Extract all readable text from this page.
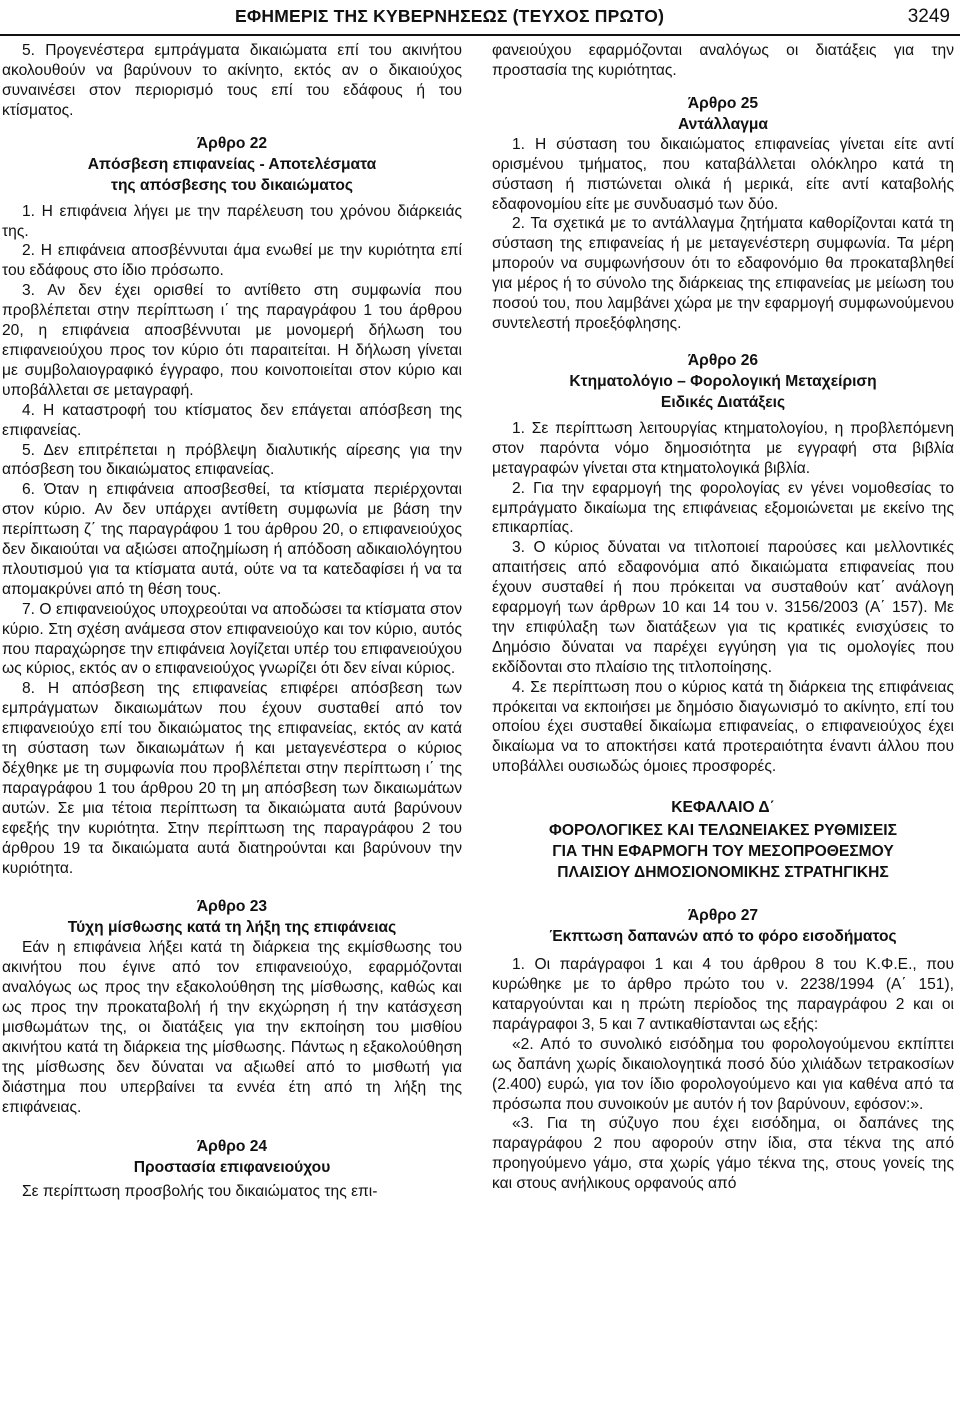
ΕΦΗΜΕΡΙΣ ΤΗΣ ΚΥΒΕΡΝΗΣΕΩΣ (ΤΕΥΧΟΣ ΠΡΩΤΟ)	3249

5. Προγενέστερα εμπράγματα δικαιώματα επί του ακινήτου ακολουθούν να βαρύνουν το ακίνητο, εκτός αν ο δικαιούχος συναινέσει στον περιορισμό τους επί του εδάφους ή του κτίσματος.

Άρθρο 22
Απόσβεση επιφανείας - Αποτελέσματα
της απόσβεσης του δικαιώματος

1. Η επιφάνεια λήγει με την παρέλευση του χρόνου διάρκειάς της.

2. Η επιφάνεια αποσβέννυται άμα ενωθεί με την κυριότητα επί του εδάφους στο ίδιο πρόσωπο.

3. Αν δεν έχει ορισθεί το αντίθετο στη συμφωνία που προβλέπεται στην περίπτωση ι΄ της παραγράφου 1 του άρθρου 20, η επιφάνεια αποσβέννυται με μονομερή δήλωση του επιφανειούχου προς τον κύριο ότι παραιτείται. Η δήλωση γίνεται με συμβολαιογραφικό έγγραφο, που κοινοποιείται στον κύριο και υποβάλλεται σε μεταγραφή.

4. Η καταστροφή του κτίσματος δεν επάγεται απόσβεση της επιφανείας.

5. Δεν επιτρέπεται η πρόβλεψη διαλυτικής αίρεσης για την απόσβεση του δικαιώματος επιφανείας.

6. Όταν η επιφάνεια αποσβεσθεί, τα κτίσματα περιέρχονται στον κύριο. Αν δεν υπάρχει αντίθετη συμφωνία με βάση την περίπτωση ζ΄ της παραγράφου 1 του άρθρου 20, ο επιφανειούχος δεν δικαιούται να αξιώσει αποζημίωση ή απόδοση αδικαιολόγητου πλουτισμού για τα κτίσματα αυτά, ούτε να τα κατεδαφίσει ή να τα απομακρύνει από τη θέση τους.

7. Ο επιφανειούχος υποχρεούται να αποδώσει τα κτίσματα στον κύριο. Στη σχέση ανάμεσα στον επιφανειούχο και τον κύριο, αυτός που παραχώρησε την επιφάνεια λογίζεται υπέρ του επιφανειούχου ως κύριος, εκτός αν ο επιφανειούχος γνωρίζει ότι δεν είναι κύριος.

8. Η απόσβεση της επιφανείας επιφέρει απόσβεση των εμπράγματων δικαιωμάτων που έχουν συσταθεί από τον επιφανειούχο επί του δικαιώματος της επιφανείας, εκτός αν κατά τη σύσταση των δικαιωμάτων ή και μεταγενέστερα ο κύριος δέχθηκε με τη συμφωνία που προβλέπεται στην περίπτωση ι΄ της παραγράφου 1 του άρθρου 20 τη μη απόσβεση των δικαιωμάτων αυτών. Σε μια τέτοια περίπτωση τα δικαιώματα αυτά βαρύνουν εφεξής την κυριότητα. Στην περίπτωση της παραγράφου 2 του άρθρου 19 τα δικαιώματα αυτά διατηρούνται και βαρύνουν την κυριότητα.

Άρθρο 23
Τύχη μίσθωσης κατά τη λήξη της επιφάνειας

Εάν η επιφάνεια λήξει κατά τη διάρκεια της εκμίσθωσης του ακινήτου που έγινε από τον επιφανειούχο, εφαρμόζονται αναλόγως ως προς την εξακολούθηση της μίσθωσης, καθώς και ως προς την προκαταβολή ή την εκχώρηση ή την κατάσχεση μισθωμάτων της, οι διατάξεις για την εκποίηση του μισθίου ακινήτου κατά τη διάρκεια της μίσθωσης. Πάντως η εξακολούθηση της μίσθωσης δεν δύναται να αξιωθεί από το μισθωτή για διάστημα που υπερβαίνει τα εννέα έτη από τη λήξη της επιφάνειας.

Άρθρο 24
Προστασία επιφανειούχου

Σε περίπτωση προσβολής του δικαιώματος της επι-

φανειούχου εφαρμόζονται αναλόγως οι διατάξεις για την προστασία της κυριότητας.

Άρθρο 25
Αντάλλαγμα

1. Η σύσταση του δικαιώματος επιφανείας γίνεται είτε αντί ορισμένου τμήματος, που καταβάλλεται ολόκληρο κατά τη σύσταση ή πιστώνεται ολικά ή μερικά, είτε αντί καταβολής εδαφονομίου είτε με συνδυασμό των δύο.

2. Τα σχετικά με το αντάλλαγμα ζητήματα καθορίζονται κατά τη σύσταση της επιφανείας ή με μεταγενέστερη συμφωνία. Τα μέρη μπορούν να συμφωνήσουν ότι το εδαφονόμιο θα προκαταβληθεί για μέρος ή το σύνολο της διάρκειας της επιφανείας με μείωση του ποσού του, που λαμβάνει χώρα με την εφαρμογή συμφωνούμενου συντελεστή προεξόφλησης.

Άρθρο 26
Κτηματολόγιο – Φορολογική Μεταχείριση
Ειδικές Διατάξεις

1. Σε περίπτωση λειτουργίας κτηματολογίου, η προβλεπόμενη στον παρόντα νόμο δημοσιότητα με εγγραφή στα βιβλία μεταγραφών γίνεται στα κτηματολογικά βιβλία.

2. Για την εφαρμογή της φορολογίας εν γένει νομοθεσίας το εμπράγματο δικαίωμα της επιφάνειας εξομοιώνεται με εκείνο της επικαρπίας.

3. Ο κύριος δύναται να τιτλοποιεί παρούσες και μελλοντικές απαιτήσεις από εδαφονόμια από δικαιώματα επιφανείας που έχουν συσταθεί ή που πρόκειται να συσταθούν κατ΄ ανάλογη εφαρμογή των άρθρων 10 και 14 του ν. 3156/2003 (Α΄ 157). Με την επιφύλαξη των διατάξεων για τις κρατικές ενισχύσεις το Δημόσιο δύναται να παρέχει εγγύηση για τις ομολογίες που εκδίδονται στο πλαίσιο της τιτλοποίησης.

4. Σε περίπτωση που ο κύριος κατά τη διάρκεια της επιφάνειας πρόκειται να εκποιήσει με δημόσιο διαγωνισμό το ακίνητο, επί του οποίου έχει συσταθεί δικαίωμα επιφανείας, ο επιφανειούχος έχει δικαίωμα να το αποκτήσει κατά προτεραιότητα έναντι άλλου που υποβάλλει ουσιωδώς όμοιες προσφορές.

ΚΕΦΑΛΑΙΟ Δ΄
ΦΟΡΟΛΟΓΙΚΕΣ ΚΑΙ ΤΕΛΩΝΕΙΑΚΕΣ ΡΥΘΜΙΣΕΙΣ
ΓΙΑ ΤΗΝ ΕΦΑΡΜΟΓΗ ΤΟΥ ΜΕΣΟΠΡΟΘΕΣΜΟΥ
ΠΛΑΙΣΙΟΥ ΔΗΜΟΣΙΟΝΟΜΙΚΗΣ ΣΤΡΑΤΗΓΙΚΗΣ
Άρθρο 27
Έκπτωση δαπανών από το φόρο εισοδήματος

1. Οι παράγραφοι 1 και 4 του άρθρου 8 του Κ.Φ.Ε., που κυρώθηκε με το άρθρο πρώτο του ν. 2238/1994 (Α΄ 151), καταργούνται και η πρώτη περίοδος της παραγράφου 2 και οι παράγραφοι 3, 5 και 7 αντικαθίστανται ως εξής:

«2. Από το συνολικό εισόδημα του φορολογούμενου εκπίπτει ως δαπάνη χωρίς δικαιολογητικά ποσό δύο χιλιάδων τετρακοσίων (2.400) ευρώ, για τον ίδιο φορολογούμενο και για καθένα από τα πρόσωπα που συνοικούν με αυτόν ή τον βαρύνουν, εφόσον:».

«3. Για τη σύζυγο που έχει εισόδημα, οι δαπάνες της παραγράφου 2 που αφορούν στην ίδια, στα τέκνα της από προηγούμενο γάμο, στα χωρίς γάμο τέκνα της, στους γονείς της και στους ανήλικους ορφανούς από
